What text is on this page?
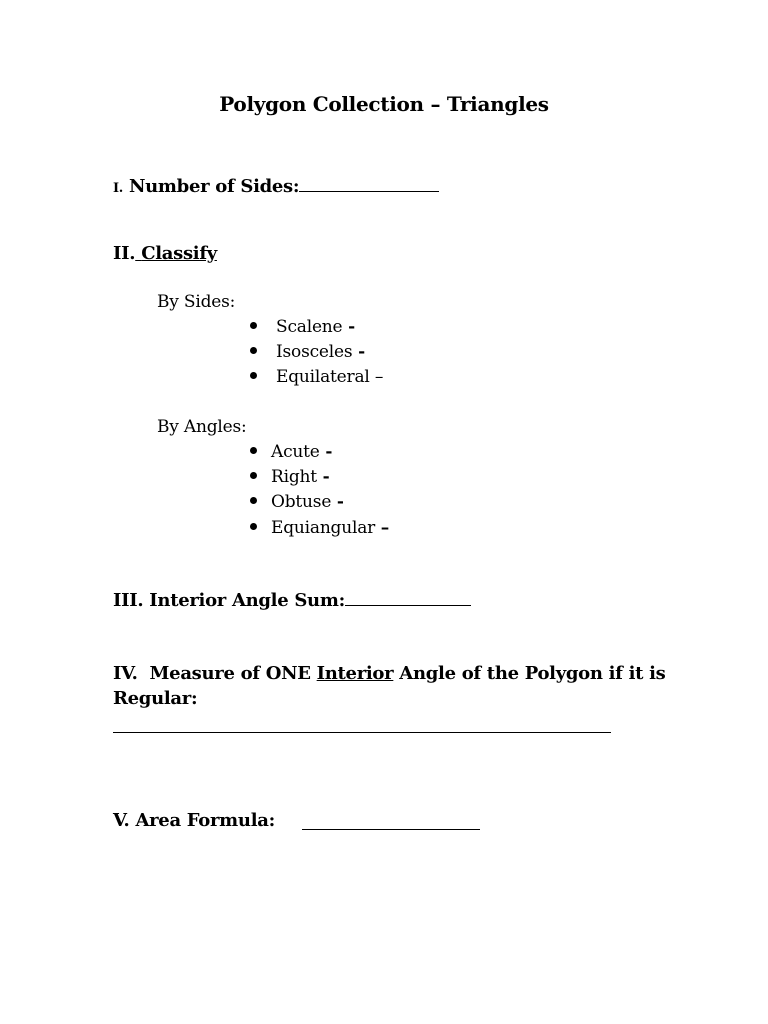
Polygon Collection – Triangles
I. Number of Sides:
II. Classify
By Sides:
Scalene -
Isosceles -
Equilateral –
By Angles:
Acute -
Right -
Obtuse -
Equiangular –
III. Interior Angle Sum:
IV.  Measure of ONE Interior Angle of the Polygon if it is
Regular:
V. Area Formula:
